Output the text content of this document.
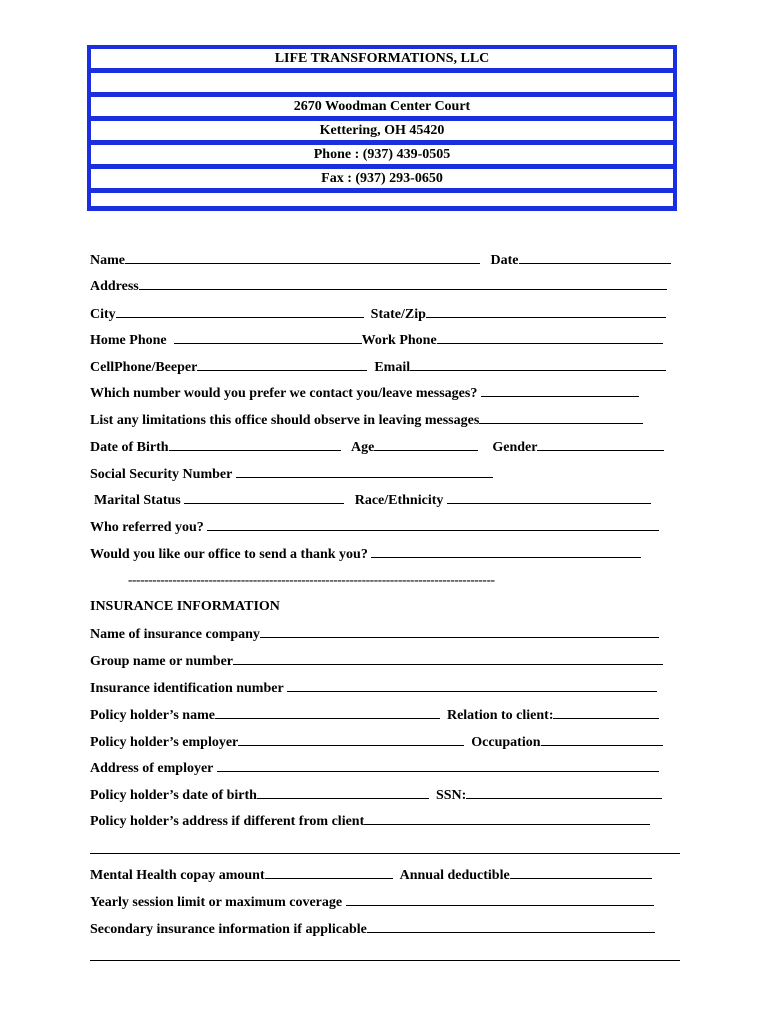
LIFE TRANSFORMATIONS, LLC
2670 Woodman Center Court
Kettering, OH 45420
Phone : (937) 439-0505
Fax : (937) 293-0650
Name	Date
Address
City	State/Zip
Home Phone	Work Phone
CellPhone/Beeper	Email
Which number would you prefer we contact you/leave messages?
List any limitations this office should observe in leaving messages
Date of Birth	Age	Gender
Social Security Number
Marital Status	Race/Ethnicity
Who referred you?
Would you like our office to send a thank you?
-------------------------------------------------------------------------------------------
INSURANCE INFORMATION
Name of insurance company
Group name or number
Insurance identification number
Policy holder’s name	Relation to client:
Policy holder’s employer	Occupation
Address of employer
Policy holder’s date of birth	SSN:
Policy holder’s address if different from client
Mental Health copay amount	Annual deductible
Yearly session limit or maximum coverage
Secondary insurance information if applicable
